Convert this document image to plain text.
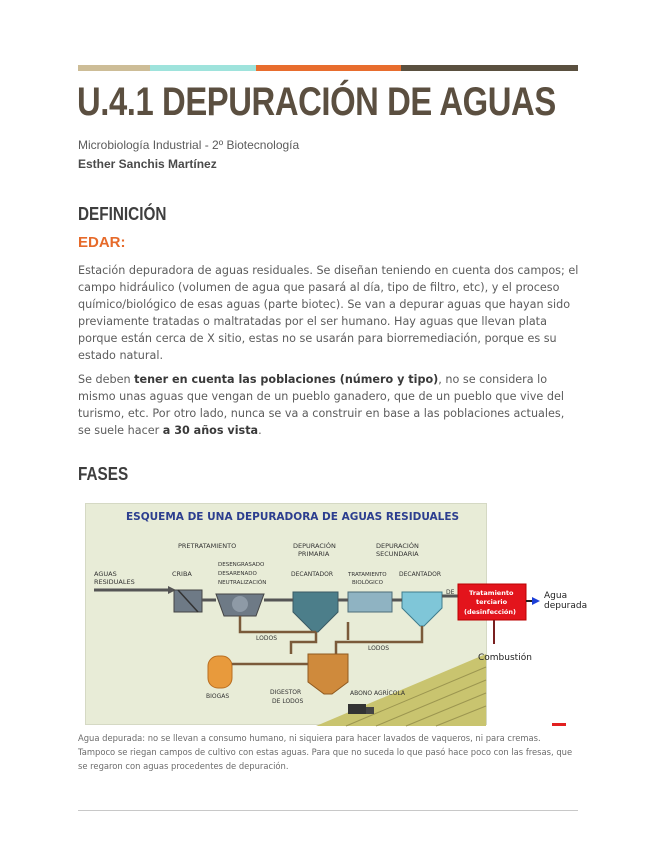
U.4.1 DEPURACIÓN DE AGUAS
Microbiología Industrial - 2º Biotecnología
Esther Sanchis Martínez
DEFINICIÓN
EDAR:

Estación depuradora de aguas residuales. Se diseñan teniendo en cuenta dos campos; el campo hidráulico (volumen de agua que pasará al día, tipo de filtro, etc), y el proceso químico/biológico de esas aguas (parte biotec). Se van a depurar aguas que hayan sido previamente tratadas o maltratadas por el ser humano. Hay aguas que llevan plata porque están cerca de X sitio, estas no se usarán para biorremediación, porque es su estado natural.

Se deben tener en cuenta las poblaciones (número y tipo), no se considera lo mismo unas aguas que vengan de un pueblo ganadero, que de un pueblo que vive del turismo, etc. Por otro lado, nunca se va a construir en base a las poblaciones actuales, se suele hacer a 30 años vista.

FASES
ESQUEMA DE UNA DEPURADORA DE AGUAS RESIDUALES
PRETRATAMIENTO	DEPURACIÓN
PRIMARIA
DEPURACIÓN
SECUNDARIA
AGUAS
RESIDUALES
CRIBA
DESENGRASADO
DESARENADO
NEUTRALIZACIÓN
DECANTADOR	TRATAMIENTO
BIOLÓGICO
DECANTADOR
DE
LODOS
LODOS
BIOGAS
DIGESTOR
DE LODOS
ABONO AGRÍCOLA
Tratamiento
terciario
(desinfección)
Agua
depurada
Combustión

Agua depurada: no se llevan a consumo humano, ni siquiera para hacer lavados de vaqueros, ni para cremas. Tampoco se riegan campos de cultivo con estas aguas. Para que no suceda lo que pasó hace poco con las fresas, que se regaron con aguas procedentes de depuración.
